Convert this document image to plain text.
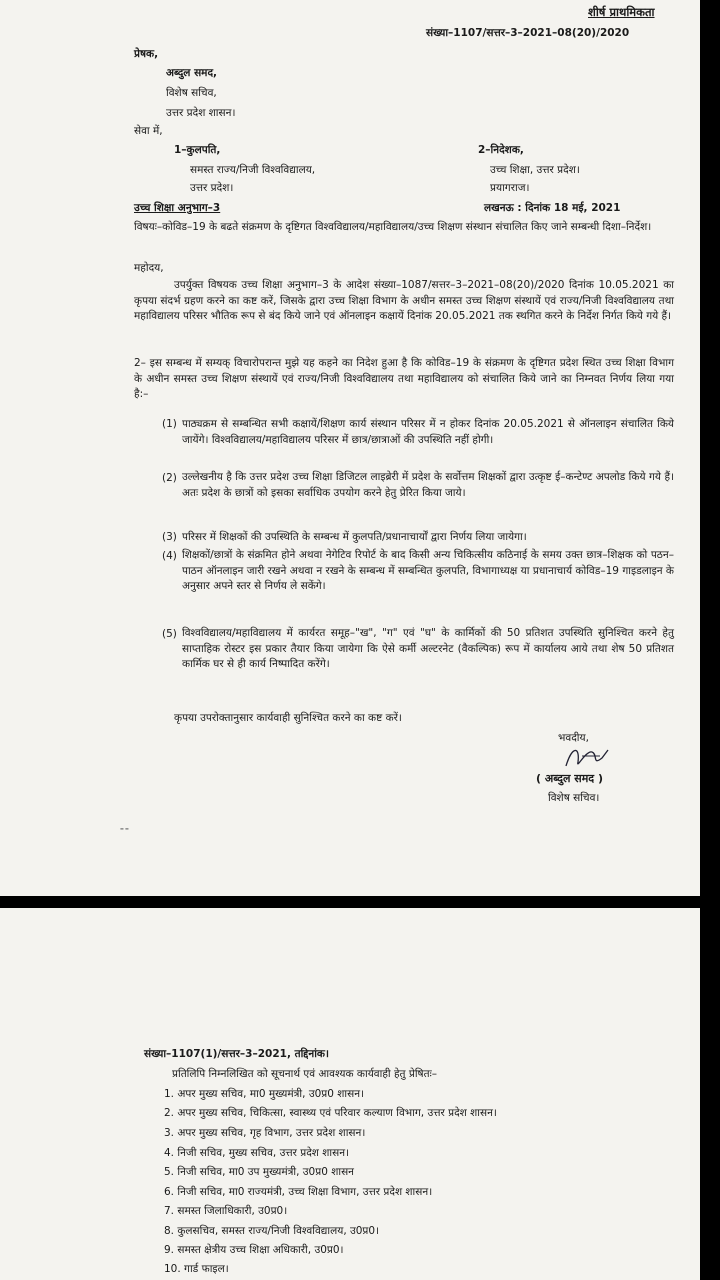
शीर्ष प्राथमिकता
संख्या–1107/सत्तर–3–2021–08(20)/2020
प्रेषक,
अब्दुल समद,
विशेष सचिव,
उत्तर प्रदेश शासन।
सेवा में,
1–कुलपति,
समस्त राज्य/निजी विश्वविद्यालय,
उत्तर प्रदेश।
2–निदेशक,
उच्च शिक्षा, उत्तर प्रदेश।
प्रयागराज।
उच्च शिक्षा अनुभाग–3	लखनऊ : दिनांक 18 मई, 2021
विषयः–कोविड–19 के बढते संक्रमण के दृष्टिगत विश्वविद्यालय/महाविद्यालय/उच्च शिक्षण संस्थान संचालित किए जाने सम्बन्धी दिशा–निर्देश।
महोदय,
उपर्युक्त विषयक उच्च शिक्षा अनुभाग–3 के आदेश संख्या–1087/सत्तर–3–2021–08(20)/2020 दिनांक 10.05.2021 का कृपया संदर्भ ग्रहण करने का कष्ट करें, जिसके द्वारा उच्च शिक्षा विभाग के अधीन समस्त उच्च शिक्षण संस्थायें एवं राज्य/निजी विश्वविद्यालय तथा महाविद्यालय परिसर भौतिक रूप से बंद किये जाने एवं ऑनलाइन कक्षायें दिनांक 20.05.2021 तक स्थगित करने के निर्देश निर्गत किये गये हैं।
2– इस सम्बन्ध में सम्यक् विचारोपरान्त मुझे यह कहने का निदेश हुआ है कि कोविड–19 के संक्रमण के दृष्टिगत प्रदेश स्थित उच्च शिक्षा विभाग के अधीन समस्त उच्च शिक्षण संस्थायें एवं राज्य/निजी विश्वविद्यालय तथा महाविद्यालय को संचालित किये जाने का निम्नवत निर्णय लिया गया है:–
(1) पाठ्यक्रम से सम्बन्धित सभी कक्षायें/शिक्षण कार्य संस्थान परिसर में न होकर दिनांक 20.05.2021 से ऑनलाइन संचालित किये जायेंगे। विश्वविद्यालय/महाविद्यालय परिसर में छात्र/छात्राओं की उपस्थिति नहीं होगी।
(2) उल्लेखनीय है कि उत्तर प्रदेश उच्च शिक्षा डिजिटल लाइब्रेरी में प्रदेश के सर्वोत्तम शिक्षकों द्वारा उत्कृष्ट ई–कन्टेण्ट अपलोड किये गये हैं। अतः प्रदेश के छात्रों को इसका सर्वाधिक उपयोग करने हेतु प्रेरित किया जाये।
(3) परिसर में शिक्षकों की उपस्थिति के सम्बन्ध में कुलपति/प्रधानाचार्यों द्वारा निर्णय लिया जायेगा।
(4) शिक्षकों/छात्रों के संक्रमित होने अथवा नेगेटिव रिपोर्ट के बाद किसी अन्य चिकित्सीय कठिनाई के समय उक्त छात्र–शिक्षक को पठन–पाठन ऑनलाइन जारी रखने अथवा न रखने के सम्बन्ध में सम्बन्धित कुलपति, विभागाध्यक्ष या प्रधानाचार्य कोविड–19 गाइडलाइन के अनुसार अपने स्तर से निर्णय ले सकेंगे।
(5) विश्वविद्यालय/महाविद्यालय में कार्यरत समूह–"ख", "ग" एवं "घ" के कार्मिकों की 50 प्रतिशत उपस्थिति सुनिश्चित करने हेतु साप्ताहिक रोस्टर इस प्रकार तैयार किया जायेगा कि ऐसे कर्मी अल्टरनेट (वैकल्पिक) रूप में कार्यालय आये तथा शेष 50 प्रतिशत कार्मिक घर से ही कार्य निष्पादित करेंगे।
कृपया उपरोक्तानुसार कार्यवाही सुनिश्चित करने का कष्ट करें।
भवदीय,
( अब्दुल समद )
विशेष सचिव।
▬ ▬
संख्या–1107(1)/सत्तर–3–2021, तद्दिनांक।
प्रतिलिपि निम्नलिखित को सूचनार्थ एवं आवश्यक कार्यवाही हेतु प्रेषितः–
1. अपर मुख्य सचिव, मा0 मुख्यमंत्री, उ0प्र0 शासन।
2. अपर मुख्य सचिव, चिकित्सा, स्वास्थ्य एवं परिवार कल्याण विभाग, उत्तर प्रदेश शासन।
3. अपर मुख्य सचिव, गृह विभाग, उत्तर प्रदेश शासन।
4. निजी सचिव, मुख्य सचिव, उत्तर प्रदेश शासन।
5. निजी सचिव, मा0 उप मुख्यमंत्री, उ0प्र0 शासन
6. निजी सचिव, मा0 राज्यमंत्री, उच्च शिक्षा विभाग, उत्तर प्रदेश शासन।
7. समस्त जिलाधिकारी, उ0प्र0।
8. कुलसचिव, समस्त राज्य/निजी विश्वविद्यालय, उ0प्र0।
9. समस्त क्षेत्रीय उच्च शिक्षा अधिकारी, उ0प्र0।
10. गार्ड फाइल।
